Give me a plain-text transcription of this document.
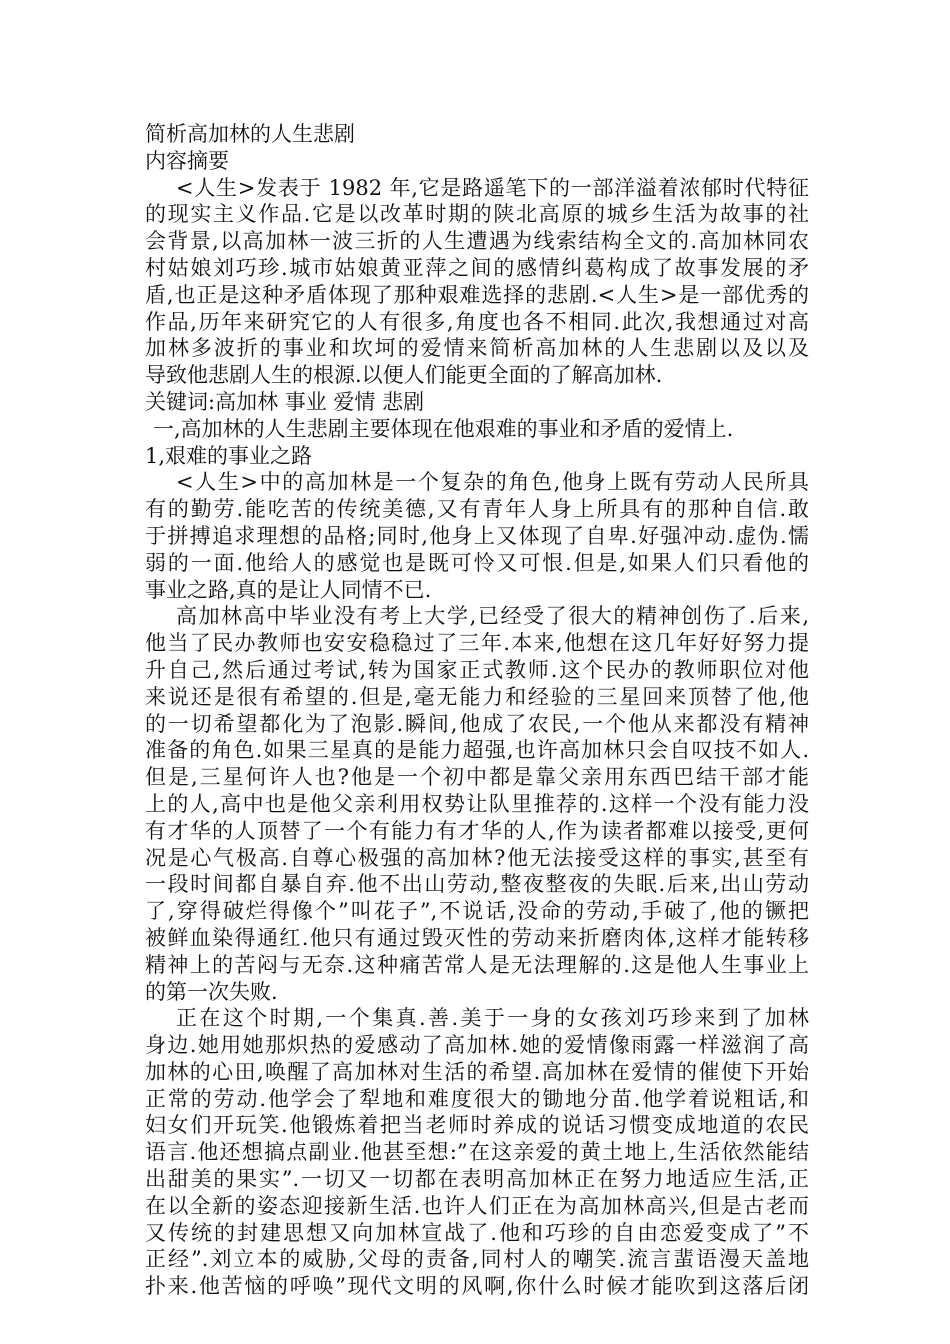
简析高加林的人生悲剧
内容摘要
<人生>发表于 1982 年,它是路遥笔下的一部洋溢着浓郁时代特征
的现实主义作品.它是以改革时期的陕北高原的城乡生活为故事的社
会背景,以高加林一波三折的人生遭遇为线索结构全文的.高加林同农
村姑娘刘巧珍.城市姑娘黄亚萍之间的感情纠葛构成了故事发展的矛
盾,也正是这种矛盾体现了那种艰难选择的悲剧.<人生>是一部优秀的
作品,历年来研究它的人有很多,角度也各不相同.此次,我想通过对高
加林多波折的事业和坎坷的爱情来简析高加林的人生悲剧以及以及
导致他悲剧人生的根源.以便人们能更全面的了解高加林.
关键词:高加林 事业 爱情 悲剧
一,高加林的人生悲剧主要体现在他艰难的事业和矛盾的爱情上.
1,艰难的事业之路
<人生>中的高加林是一个复杂的角色,他身上既有劳动人民所具
有的勤劳.能吃苦的传统美德,又有青年人身上所具有的那种自信.敢
于拼搏追求理想的品格;同时,他身上又体现了自卑.好强冲动.虚伪.懦
弱的一面.他给人的感觉也是既可怜又可恨.但是,如果人们只看他的
事业之路,真的是让人同情不已.
高加林高中毕业没有考上大学,已经受了很大的精神创伤了.后来,
他当了民办教师也安安稳稳过了三年.本来,他想在这几年好好努力提
升自己,然后通过考试,转为国家正式教师.这个民办的教师职位对他
来说还是很有希望的.但是,毫无能力和经验的三星回来顶替了他,他
的一切希望都化为了泡影.瞬间,他成了农民,一个他从来都没有精神
准备的角色.如果三星真的是能力超强,也许高加林只会自叹技不如人.
但是,三星何许人也?他是一个初中都是靠父亲用东西巴结干部才能
上的人,高中也是他父亲利用权势让队里推荐的.这样一个没有能力没
有才华的人顶替了一个有能力有才华的人,作为读者都难以接受,更何
况是心气极高.自尊心极强的高加林?他无法接受这样的事实,甚至有
一段时间都自暴自弃.他不出山劳动,整夜整夜的失眠.后来,出山劳动
了,穿得破烂得像个”叫花子”,不说话,没命的劳动,手破了,他的镢把
被鲜血染得通红.他只有通过毁灭性的劳动来折磨肉体,这样才能转移
精神上的苦闷与无奈.这种痛苦常人是无法理解的.这是他人生事业上
的第一次失败.
正在这个时期,一个集真.善.美于一身的女孩刘巧珍来到了加林
身边.她用她那炽热的爱感动了高加林.她的爱情像雨露一样滋润了高
加林的心田,唤醒了高加林对生活的希望.高加林在爱情的催使下开始
正常的劳动.他学会了犁地和难度很大的锄地分苗.他学着说粗话,和
妇女们开玩笑.他锻炼着把当老师时养成的说话习惯变成地道的农民
语言.他还想搞点副业.他甚至想:”在这亲爱的黄土地上,生活依然能结
出甜美的果实”.一切又一切都在表明高加林正在努力地适应生活,正
在以全新的姿态迎接新生活.也许人们正在为高加林高兴,但是古老而
又传统的封建思想又向加林宣战了.他和巧珍的自由恋爱变成了”不
正经”.刘立本的威胁,父母的责备,同村人的嘲笑.流言蜚语漫天盖地
扑来.他苦恼的呼唤”现代文明的风啊,你什么时候才能吹到这落后闭
